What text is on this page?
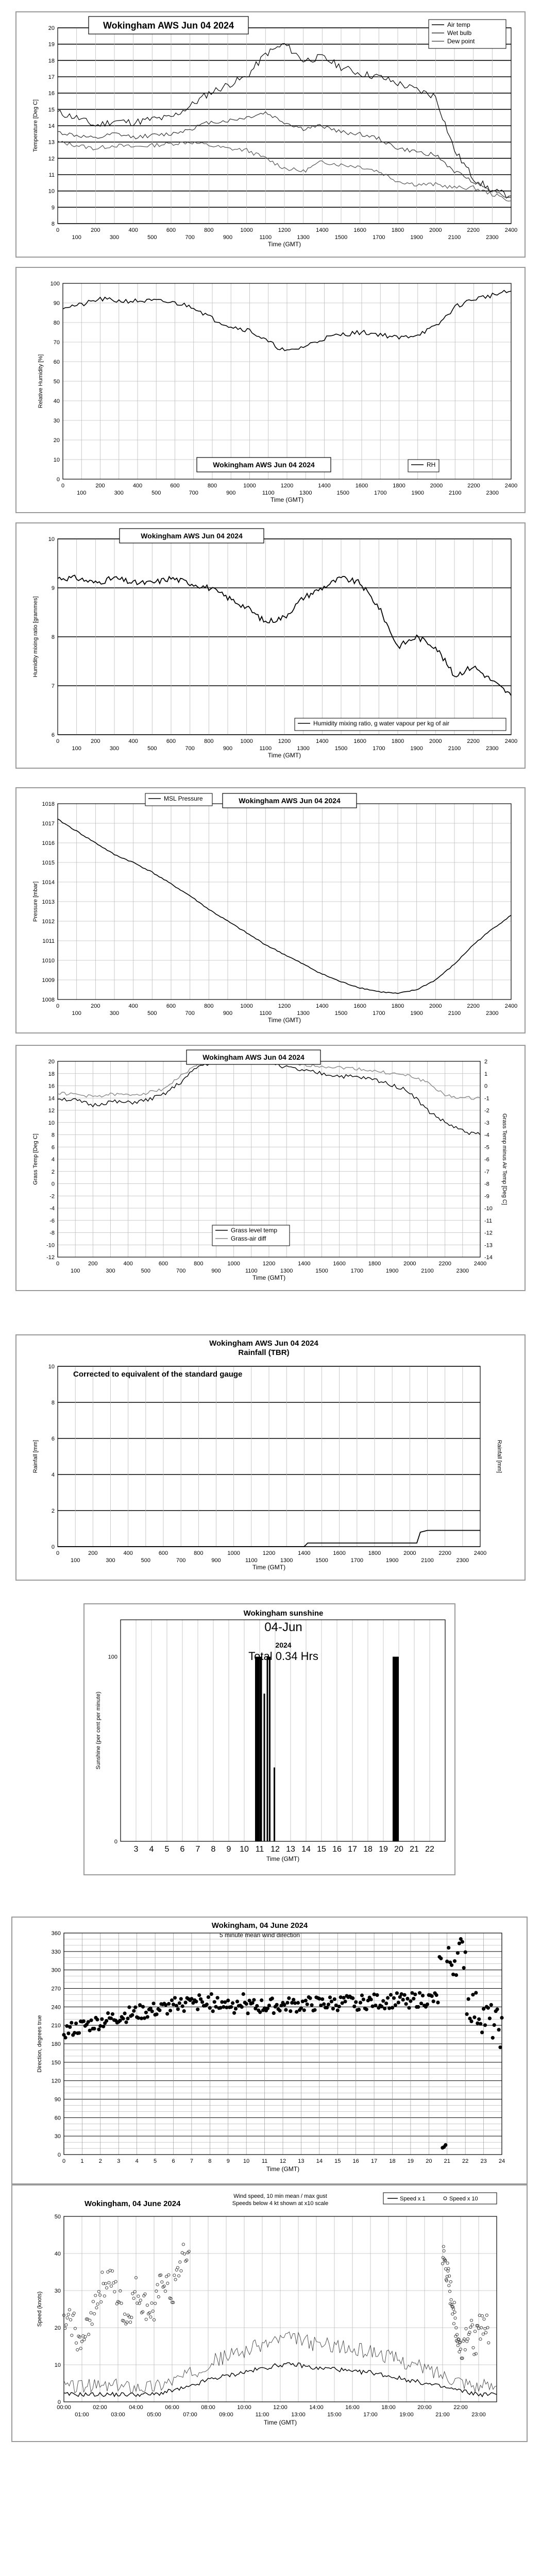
8
9
10
11
12
13
14
15
16
17
18
19
20
0	200	400	600	800	1000	1200	1400	1600	1800	2000	2200	2400
100	300	500	700	900	1100	1300	1500	1700	1900	2100	2300
Time (GMT)
Temperature [Deg C]
Wokingham AWS Jun 04 2024	Air temp
Wet bulb
Dew point
0
10
20
30
40
50
60
70
80
90
100
0	200	400	600	800	1000	1200	1400	1600	1800	2000	2200	2400
100	300	500	700	900	1100	1300	1500	1700	1900	2100	2300
Time (GMT)
Relative Humidity [%]
Wokingham AWS Jun 04 2024	RH
6
7
8
9
10
0	200	400	600	800	1000	1200	1400	1600	1800	2000	2200	2400
100	300	500	700	900	1100	1300	1500	1700	1900	2100	2300
Time (GMT)
Humidity mixing ratio [grammes]
Wokingham AWS Jun 04 2024
Humidity mixing ratio, g water vapour per kg of air
1008
1009
1010
1011
1012
1013
1014
1015
1016
1017
1018
0	200	400	600	800	1000	1200	1400	1600	1800	2000	2200	2400
100	300	500	700	900	1100	1300	1500	1700	1900	2100	2300
Time (GMT)
Pressure [mbar]
MSL Pressure	Wokingham AWS Jun 04 2024
-12
-10
-8
-6
-4
-2
0
2
4
6
8
10
12
14
16
18
20
0	200	400	600	800	1000	1200	1400	1600	1800	2000	2200	2400
100	300	500	700	900	1100	1300	1500	1700	1900	2100	2300
Time (GMT)
Grass Temp [Deg C]
-14
-13
-12
-11
-10
-9
-8
-7
-6
-5
-4
-3
-2
-1
0
1
2
Grass Temp minus Air Temp [Deg C]
Wokingham AWS Jun 04 2024
Grass level temp
Grass-air diff
0
2
4
6
8
10
0	200	400	600	800	1000	1200	1400	1600	1800	2000	2200	2400
100	300	500	700	900	1100	1300	1500	1700	1900	2100	2300
Time (GMT)
Rainfall [mm]	Rainfall [mm]
Wokingham AWS Jun 04 2024
Rainfall (TBR)
Corrected to equivalent of the standard gauge
3 4 5 6 7 8 9 10 11 12 13 14 15 16 17 18 19 20 21 22
0
100
Time (GMT)
Sunshine (per cent per minute)
Wokingham sunshine
04-Jun
2024
Total 0.34 Hrs
0
30
60
90
120
150
180
210
240
270
300
330
360
0	1	2	3	4	5	6	7	8	9 10 11 12 13 14 15 16 17 18 19 20 21 22 23 24
Time (GMT)
Direction, degrees true
Wokingham, 04 June 2024
5 minute mean wind direction
0
10
20
30
40
50
00:00	02:00	04:00	06:00	08:00	10:00	12:00	14:00	16:00	18:00	20:00	22:00
01:00	03:00	05:00	07:00	09:00	11:00	13:00	15:00	17:00	19:00	21:00	23:00
Time (GMT)
Speed (knots)
Wokingham, 04 June 2024
Wind speed, 10 min mean / max gust
Speeds below 4 kt shown at x10 scale
Speed x 1	Speed x 10
